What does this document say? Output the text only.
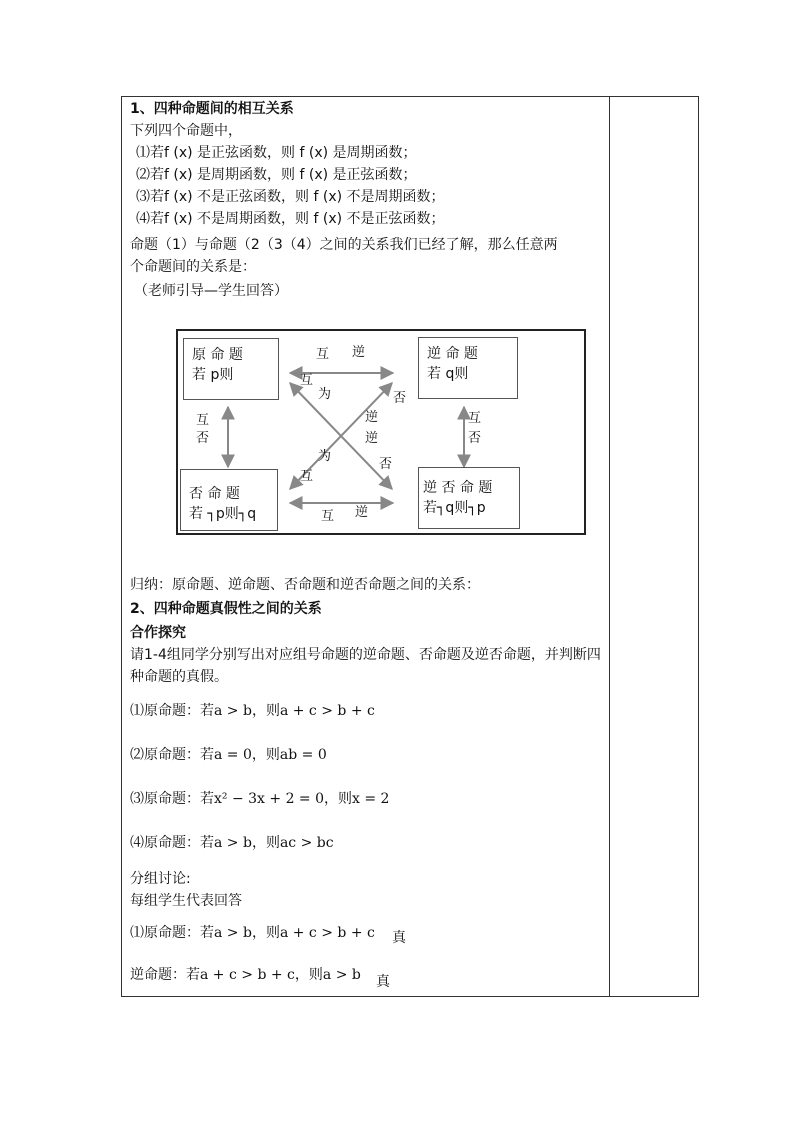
1、四种命题间的相互关系
下列四个命题中，
⑴若f (x) 是正弦函数，则 f (x) 是周期函数；
⑵若f (x) 是周期函数，则 f (x) 是正弦函数；
⑶若f (x) 不是正弦函数，则 f (x) 不是周期函数；
⑷若f (x) 不是周期函数，则 f (x) 不是正弦函数；
命题（1）与命题（2（3（4）之间的关系我们已经了解，那么任意两
个命题间的关系是：
（老师引导—学生回答）
原 命 题
若 p则
逆 命 题
若 q则
否 命 题
若 ┐p则┐q
逆 否 命 题
若┐q则┐p
互 逆
互 逆
互
否
互
否
互
为
逆
否
互
为
逆
否
归纳：原命题、逆命题、否命题和逆否命题之间的关系：
2、四种命题真假性之间的关系
合作探究
请1-4组同学分别写出对应组号命题的逆命题、否命题及逆否命题，并判断四
种命题的真假。
⑴原命题：若a > b，则a + c > b + c
⑵原命题：若a = 0，则ab = 0
⑶原命题：若x² − 3x + 2 = 0，则x = 2
⑷原命题：若a > b，则ac > bc
分组讨论:
每组学生代表回答
⑴原命题：若a > b，则a + c > b + c 真
逆命题：若a + c > b + c，则a > b 真
